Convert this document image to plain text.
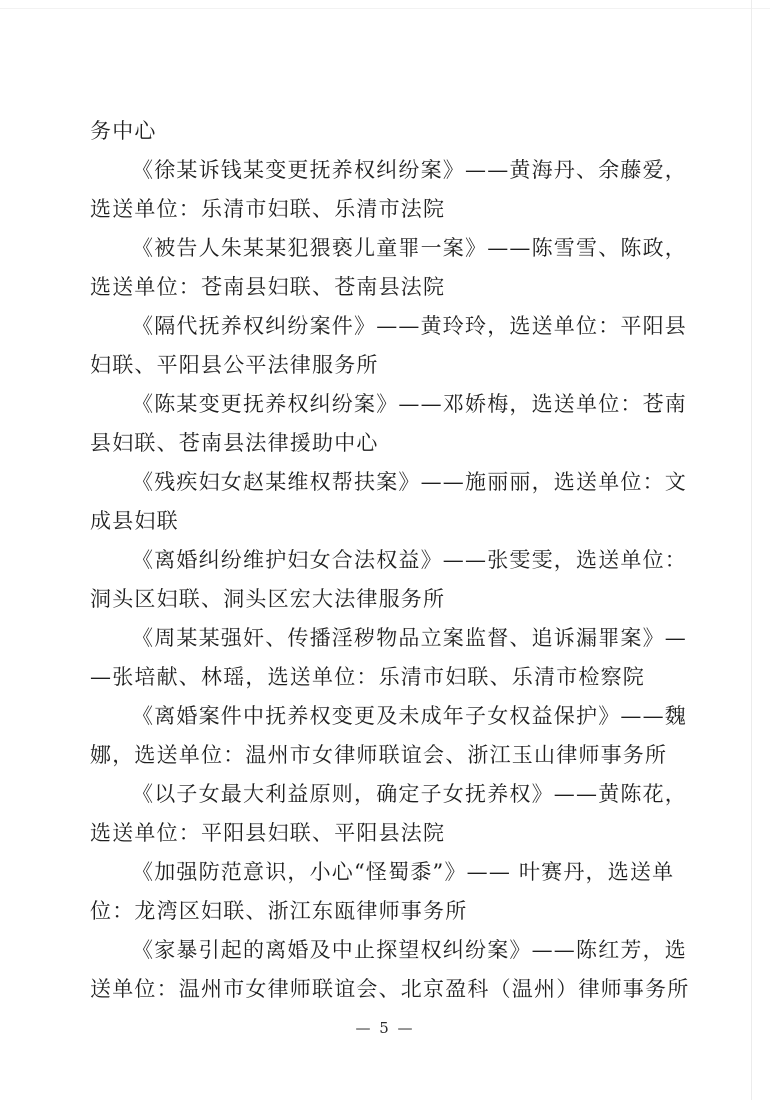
务中心
《徐某诉钱某变更抚养权纠纷案》——黄海丹、余藤爱，
选送单位：乐清市妇联、乐清市法院
《被告人朱某某犯猥亵儿童罪一案》——陈雪雪、陈政，
选送单位：苍南县妇联、苍南县法院
《隔代抚养权纠纷案件》——黄玲玲，选送单位：平阳县
妇联、平阳县公平法律服务所
《陈某变更抚养权纠纷案》——邓娇梅，选送单位：苍南
县妇联、苍南县法律援助中心
《残疾妇女赵某维权帮扶案》——施丽丽，选送单位：文
成县妇联
《离婚纠纷维护妇女合法权益》——张雯雯，选送单位：
洞头区妇联、洞头区宏大法律服务所
《周某某强奸、传播淫秽物品立案监督、追诉漏罪案》—
—张培献、林瑶，选送单位：乐清市妇联、乐清市检察院
《离婚案件中抚养权变更及未成年子女权益保护》——魏
娜，选送单位：温州市女律师联谊会、浙江玉山律师事务所
《以子女最大利益原则，确定子女抚养权》——黄陈花，
选送单位：平阳县妇联、平阳县法院
《加强防范意识，小心“怪蜀黍”》—— 叶赛丹，选送单
位：龙湾区妇联、浙江东瓯律师事务所
《家暴引起的离婚及中止探望权纠纷案》——陈红芳，选
送单位：温州市女律师联谊会、北京盈科（温州）律师事务所
— 5 —
